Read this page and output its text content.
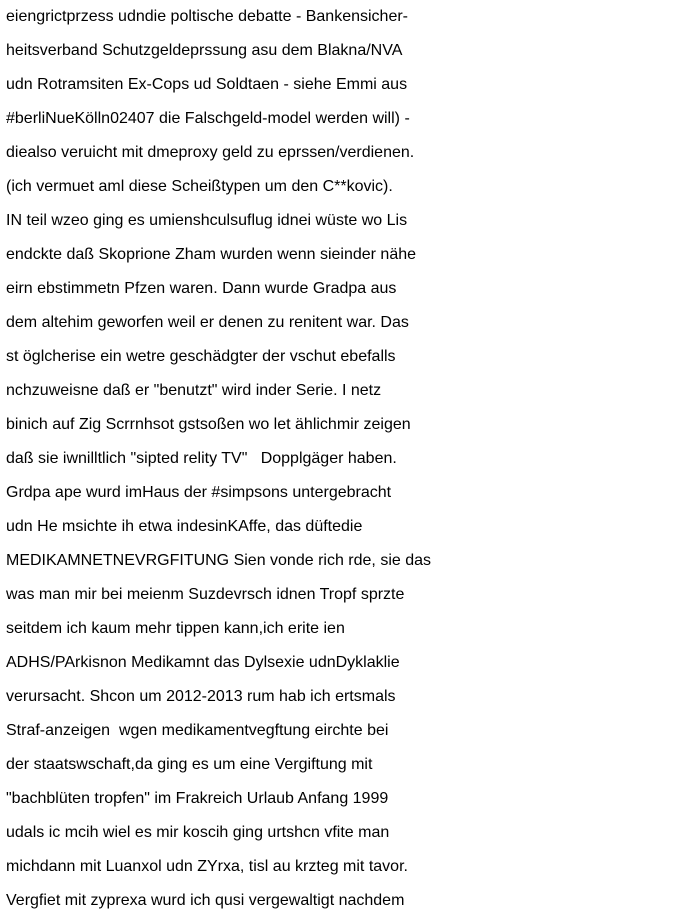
eiengrictprzess udndie poltische debatte - Bankensicher-
heitsverband Schutzgeldeprssung asu dem Blakna/NVA
udn Rotramsiten Ex-Cops ud Soldtaen - siehe Emmi aus
#berliNueKölln02407 die Falschgeld-model werden will) -
diealso veruicht mit dmeproxy geld zu eprssen/verdienen.
(ich vermuet aml diese Scheißtypen um den C**kovic).
IN teil wzeo ging es umienshculsuflug idnei wüste wo Lis
endckte daß Skoprione Zham wurden wenn sieinder nähe
eirn ebstimmetn Pfzen waren. Dann wurde Gradpa aus
dem altehim geworfen weil er denen zu renitent war. Das
st öglcherise ein wetre geschädgter der vschut ebefalls
nchzuweisne daß er "benutzt" wird inder Serie. I netz
binich auf Zig Scrrnhsot gstsoßen wo let ählichmir zeigen
daß sie iwnilltlich "sipted relity TV"   Dopplgäger haben.
Grdpa ape wurd imHaus der #simpsons untergebracht
udn He msichte ih etwa indesinKAffe, das düftedie
MEDIKAMNETNEVRGFITUNG Sien vonde rich rde, sie das
was man mir bei meienm Suzdevrsch idnen Tropf sprzte
seitdem ich kaum mehr tippen kann,ich erite ien
ADHS/PArkisnon Medikamnt das Dylsexie udnDyklaklie
verursacht. Shcon um 2012-2013 rum hab ich ertsmals
Straf-anzeigen  wgen medikamentvegftung eirchte bei
der staatswschaft,da ging es um eine Vergiftung mit
"bachblüten tropfen" im Frakreich Urlaub Anfang 1999
udals ic mcih wiel es mir koscih ging urtshcn vfite man
michdann mit Luanxol udn ZYrxa, tisl au krzteg mit tavor.
Vergfiet mit zyprexa wurd ich qusi vergewaltigt nachdem
